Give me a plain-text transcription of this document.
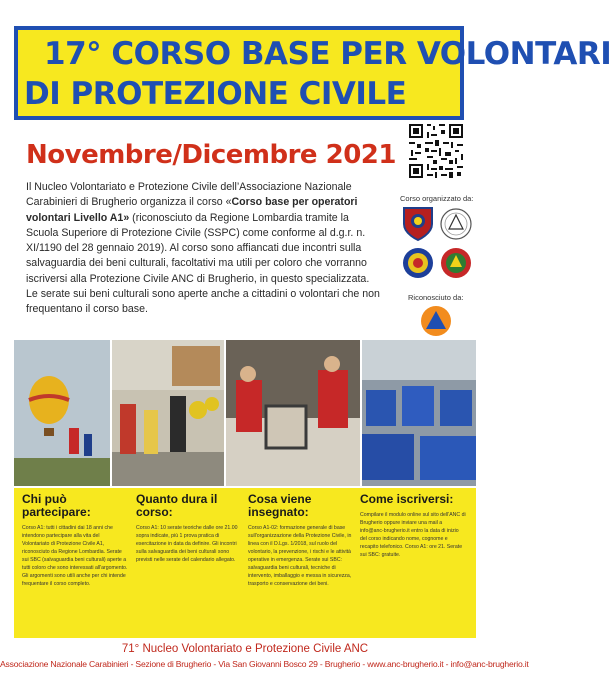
17° CORSO BASE PER VOLONTARI
DI PROTEZIONE CIVILE
Novembre/Dicembre 2021

Il Nucleo Volontariato e Protezione Civile dell’Associazione Nazionale Carabinieri di Brugherio organizza il corso «Corso base per operatori volontari Livello A1» (riconosciuto da Regione Lombardia tramite la Scuola Superiore di Protezione Civile (SSPC) come conforme al d.g.r. n. XI/1190 del 28 gennaio 2019). Al corso sono affiancati due incontri sulla salvaguardia dei beni culturali, facoltativi ma utili per coloro che vorranno iscriversi alla Protezione Civile ANC di Brugherio, in questo specializzata. Le serate sui beni culturali sono aperte anche a cittadini o volontari che non frequentano il corso base.

Corso organizzato da:
Riconosciuto da:
Chi può partecipare:
Corso A1: tutti i cittadini dai 18 anni che intendono partecipare alla vita del Volontariato di Protezione Civile A1, riconosciuto da Regione Lombardia. Serate sui SBC (salvaguardia beni culturali) aperte a tutti coloro che sono interessati all'argomento. Gli argomenti sono utili anche per chi intende frequentare il corso completo.
Quanto dura il corso:
Corso A1: 10 serate teoriche dalle ore 21.00 sopra indicate, più 1 prova pratica di esercitazione in data da definire. Gli incontri sulla salvaguardia dei beni culturali sono previsti nelle serate del calendario allegato.
Cosa viene insegnato:
Corso A1-02: formazione generale di base sull'organizzazione della Protezione Civile, in linea con il D.Lgs. 1/2018, sul ruolo del volontario, la prevenzione, i rischi e le attività operative in emergenza. Serate sui SBC: salvaguardia beni culturali, tecniche di intervento, imballaggio e messa in sicurezza, trasporto e conservazione dei beni.
Come iscriversi:
Compilare il modulo online sul sito dell'ANC di Brugherio oppure inviare una mail a info@anc-brugherio.it entro la data di inizio del corso indicando nome, cognome e recapito telefonico. Corso A1: ore 21. Serate sui SBC: gratuite.
71° Nucleo Volontariato e Protezione Civile ANC
Associazione Nazionale Carabinieri - Sezione di Brugherio - Via San Giovanni Bosco 29 - Brugherio - www.anc-brugherio.it - info@anc-brugherio.it
